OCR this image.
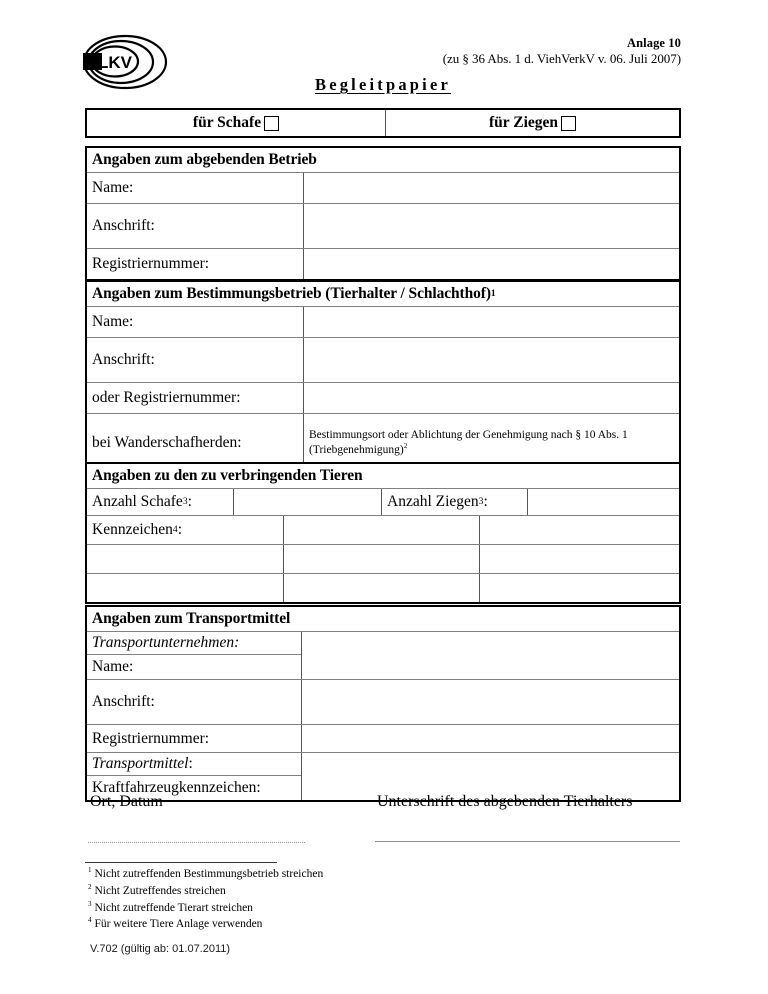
LKV
Anlage 10
(zu § 36 Abs. 1 d. ViehVerkV v. 06. Juli 2007)
Begleitpapier
für Schafe	für Ziegen
Angaben zum abgebenden Betrieb
Name:
Anschrift:
Registriernummer:
Angaben zum Bestimmungsbetrieb (Tierhalter / Schlachthof) 1
Name:
Anschrift:
oder Registriernummer:
bei Wanderschafherden:	Bestimmungsort oder Ablichtung der Genehmigung nach § 10 Abs. 1 (Triebgenehmigung)$^2$
Angaben zu den zu verbringenden Tieren
Anzahl Schafe 3 :	Anzahl Ziegen 3 :
Kennzeichen 4 :
Angaben zum Transportmittel
Transportunternehmen:
Name:
Anschrift:
Registriernummer:
Transportmittel :
Kraftfahrzeugkennzeichen:
Ort, Datum	Unterschrift des abgebenden Tierhalters
$^1$ Nicht zutreffenden Bestimmungsbetrieb streichen
$^2$ Nicht Zutreffendes streichen
$^3$ Nicht zutreffende Tierart streichen
$^4$ Für weitere Tiere Anlage verwenden
V.702 (gültig ab: 01.07.2011)
